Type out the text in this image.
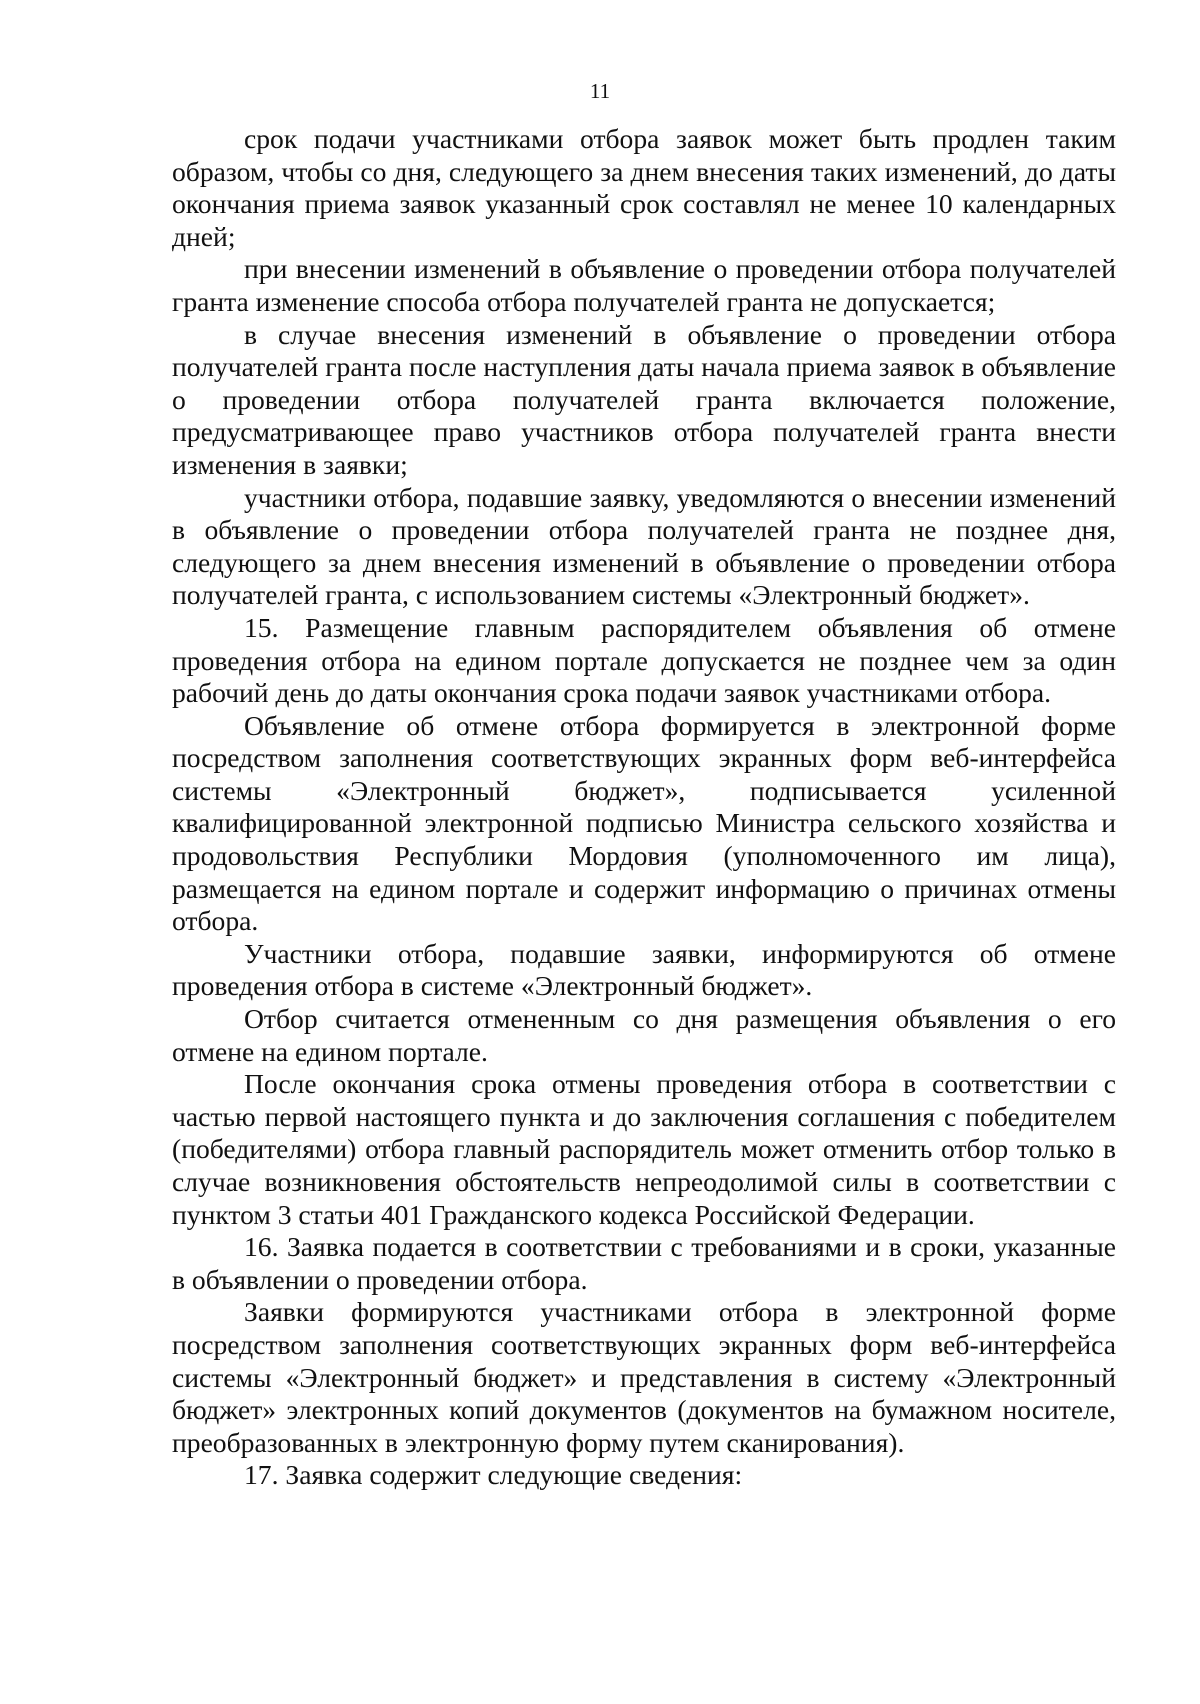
11

срок подачи участниками отбора заявок может быть продлен таким образом, чтобы со дня, следующего за днем внесения таких изменений, до даты окончания приема заявок указанный срок составлял не менее 10 календарных дней;

при внесении изменений в объявление о проведении отбора получателей гранта изменение способа отбора получателей гранта не допускается;

в случае внесения изменений в объявление о проведении отбора получателей гранта после наступления даты начала приема заявок в объявление о проведении отбора получателей гранта включается положение, предусматривающее право участников отбора получателей гранта внести изменения в заявки;

участники отбора, подавшие заявку, уведомляются о внесении изменений в объявление о проведении отбора получателей гранта не позднее дня, следующего за днем внесения изменений в объявление о проведении отбора получателей гранта, с использованием системы «Электронный бюджет».

15. Размещение главным распорядителем объявления об отмене проведения отбора на едином портале допускается не позднее чем за один рабочий день до даты окончания срока подачи заявок участниками отбора.

Объявление об отмене отбора формируется в электронной форме посредством заполнения соответствующих экранных форм веб-интерфейса системы «Электронный бюджет», подписывается усиленной квалифицированной электронной подписью Министра сельского хозяйства и продовольствия Республики Мордовия (уполномоченного им лица), размещается на едином портале и содержит информацию о причинах отмены отбора.

Участники отбора, подавшие заявки, информируются об отмене проведения отбора в системе «Электронный бюджет».

Отбор считается отмененным со дня размещения объявления о его отмене на едином портале.

После окончания срока отмены проведения отбора в соответствии с частью первой настоящего пункта и до заключения соглашения с победителем (победителями) отбора главный распорядитель может отменить отбор только в случае возникновения обстоятельств непреодолимой силы в соответствии с пунктом 3 статьи 401 Гражданского кодекса Российской Федерации.

16. Заявка подается в соответствии с требованиями и в сроки, указанные в объявлении о проведении отбора.

Заявки формируются участниками отбора в электронной форме посредством заполнения соответствующих экранных форм веб-интерфейса системы «Электронный бюджет» и представления в систему «Электронный бюджет» электронных копий документов (документов на бумажном носителе, преобразованных в электронную форму путем сканирования).

17. Заявка содержит следующие сведения:
